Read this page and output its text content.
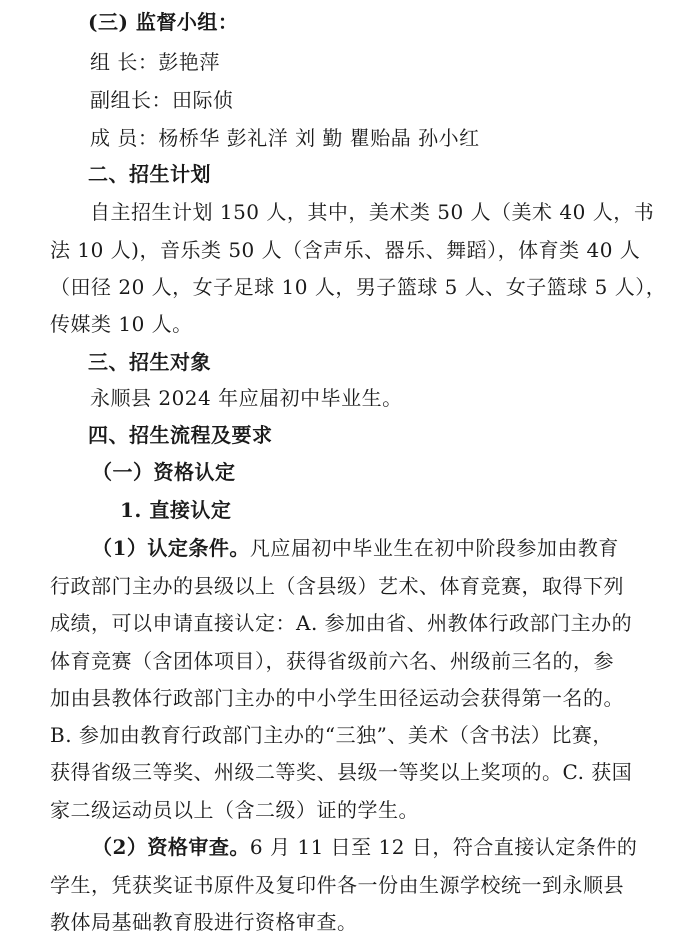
(三) 监督小组：
组 长：彭艳萍
副组长：田际侦
成 员：杨桥华 彭礼洋 刘 勤 瞿贻晶 孙小红
二、招生计划
自主招生计划 150 人，其中，美术类 50 人（美术 40 人，书
法 10 人)，音乐类 50 人（含声乐、器乐、舞蹈），体育类 40 人
（田径 20 人，女子足球 10 人，男子篮球 5 人、女子篮球 5 人），
传媒类 10 人。
三、招生对象
永顺县 2024 年应届初中毕业生。
四、招生流程及要求
（一）资格认定
1. 直接认定
（1）认定条件。凡应届初中毕业生在初中阶段参加由教育
行政部门主办的县级以上（含县级）艺术、体育竞赛，取得下列
成绩，可以申请直接认定：A. 参加由省、州教体行政部门主办的
体育竞赛（含团体项目），获得省级前六名、州级前三名的，参
加由县教体行政部门主办的中小学生田径运动会获得第一名的。
B. 参加由教育行政部门主办的“三独”、美术（含书法）比赛，
获得省级三等奖、州级二等奖、县级一等奖以上奖项的。C. 获国
家二级运动员以上（含二级）证的学生。
（2）资格审查。6 月 11 日至 12 日，符合直接认定条件的
学生，凭获奖证书原件及复印件各一份由生源学校统一到永顺县
教体局基础教育股进行资格审查。
